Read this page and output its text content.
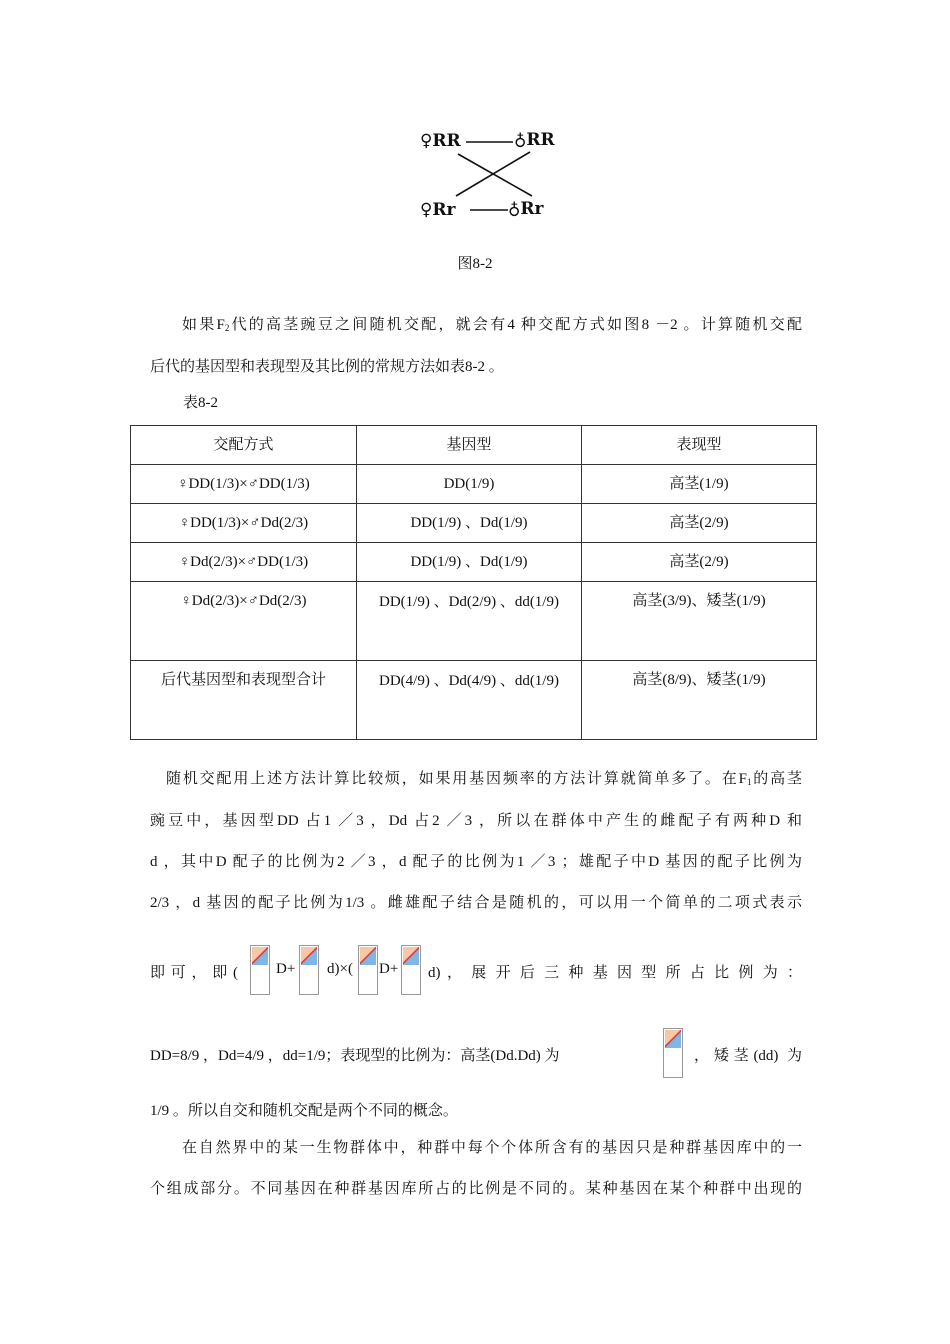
♀RR	♁RR
♀Rr	♁Rr
图8-2
如果$F_2$代的高茎豌豆之间随机交配，就会有4 种交配方式如图8 －2 。计算随机交配
后代的基因型和表现型及其比例的常规方法如表8-2 。
表8-2
交配方式	基因型	表现型
♀DD(1/3)×♂DD(1/3)	DD(1/9)	高茎(1/9)
♀DD(1/3)×♂Dd(2/3)	DD(1/9) 、Dd(1/9)	高茎(2/9)
♀Dd(2/3)×♂DD(1/3)	DD(1/9) 、Dd(1/9)	高茎(2/9)
♀Dd(2/3)×♂Dd(2/3)	DD(1/9) 、Dd(2/9) 、dd(1/9)	高茎(3/9)、矮茎(1/9)
后代基因型和表现型合计	DD(4/9) 、Dd(4/9) 、dd(1/9)	高茎(8/9)、矮茎(1/9)
随机交配用上述方法计算比较烦，如果用基因频率的方法计算就简单多了。在$F_1$的高茎
豌豆中，基因型DD 占1 ／3 ，Dd 占2 ／3 ，所以在群体中产生的雌配子有两种D 和
d ，其中D 配子的比例为2 ／3 ，d 配子的比例为1 ／3 ；雄配子中D 基因的配子比例为
2/3 ，d 基因的配子比例为1/3 。雌雄配子结合是随机的，可以用一个简单的二项式表示
即 可 ， 即 (	D+ d)×( D+ d) ， 展 开 后 三 种 基 因 型 所 占 比 例 为 ：
DD=8/9 ，Dd=4/9 ，dd=1/9；表现型的比例为：高茎(Dd.Dd) 为	，矮茎(dd) 为
1/9 。所以自交和随机交配是两个不同的概念。
在自然界中的某一生物群体中，种群中每个个体所含有的基因只是种群基因库中的一
个组成部分。不同基因在种群基因库所占的比例是不同的。某种基因在某个种群中出现的
